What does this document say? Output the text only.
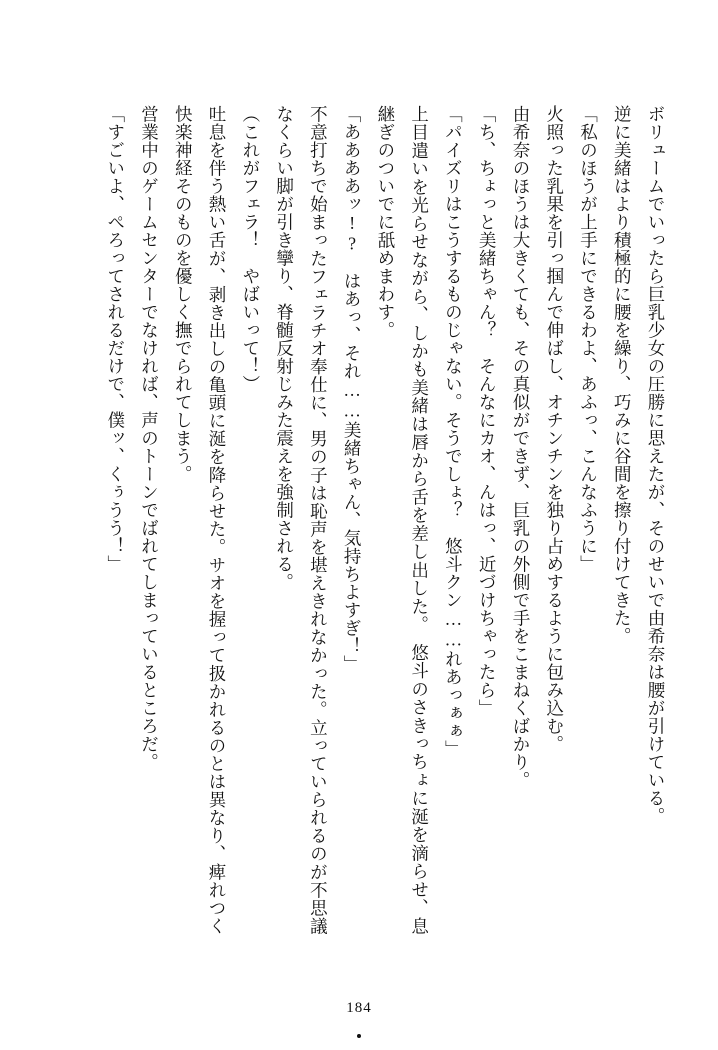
ボリュームでいったら巨乳少女の圧勝に思えたが、そのせいで由希奈は腰が引けている。

逆に美緒はより積極的に腰を繰り、巧みに谷間を擦り付けてきた。

「私のほうが上手にできるわよ、あふっ、こんなふうに」

火照った乳果を引っ掴んで伸ばし、オチンチンを独り占めするように包み込む。

由希奈のほうは大きくても、その真似ができず、巨乳の外側で手をこまねくばかり。

「ち、ちょっと美緒ちゃん？　そんなにカオ、んはっ、近づけちゃったら」

「パイズリはこうするものじゃない。そうでしょ？　悠斗クン……れあっぁぁ」

上目遣いを光らせながら、しかも美緒は唇から舌を差し出した。　悠斗のさきっちょに涎を滴らせ、息継ぎのついでに舐めまわす。

「ああああッ!?　はあっ、それ……美緒ちゃん、気持ちよすぎ！」

不意打ちで始まったフェラチオ奉仕に、男の子は恥声を堪えきれなかった。立っていられるのが不思議なくらい脚が引き攣り、脊髄反射じみた震えを強制される。

（これがフェラ！　やばいって！）

吐息を伴う熱い舌が、剥き出しの亀頭に涎を降らせた。サオを握って扱かれるのとは異なり、痺れつく快楽神経そのものを優しく撫でられてしまう。

営業中のゲームセンターでなければ、声のトーンでばれてしまっているところだ。

「すごいよ、ぺろってされるだけで、僕ッ、くぅうう！」

184
